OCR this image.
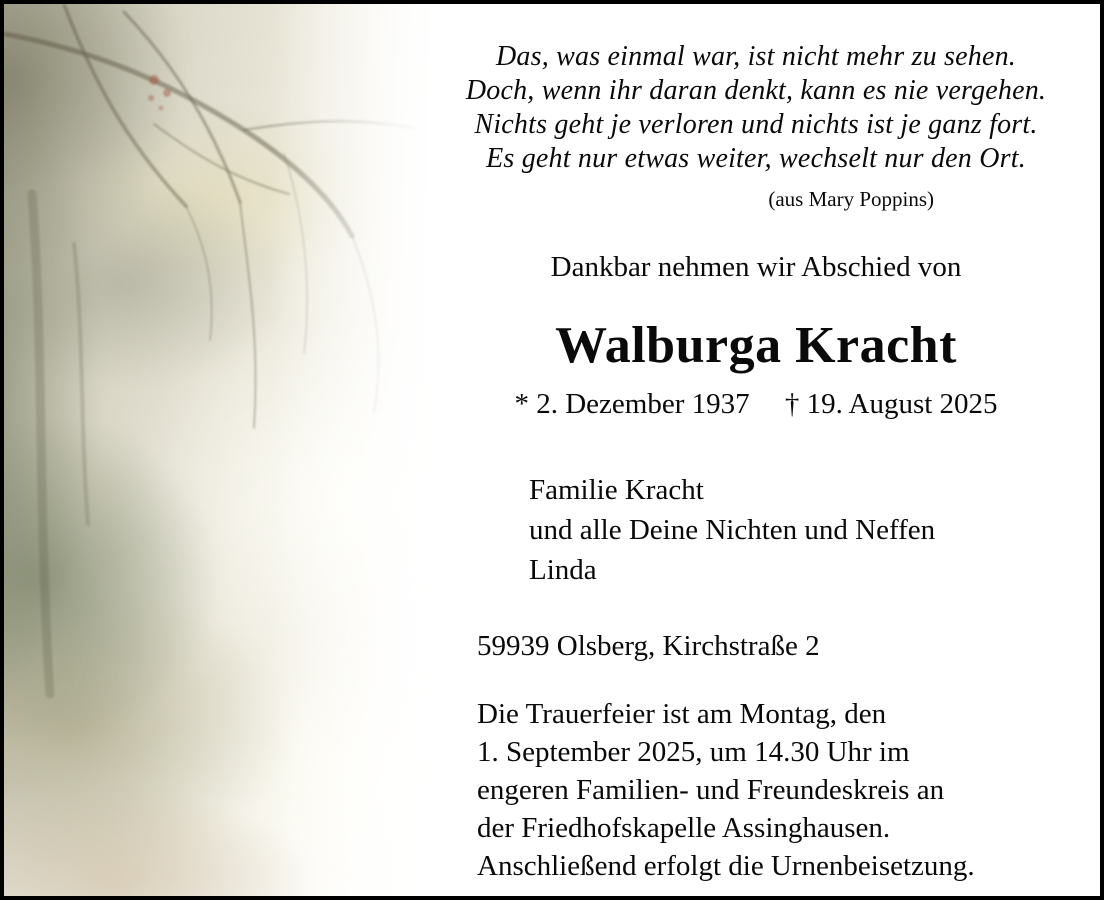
Das, was einmal war, ist nicht mehr zu sehen.
Doch, wenn ihr daran denkt, kann es nie vergehen.
Nichts geht je verloren und nichts ist je ganz fort.
Es geht nur etwas weiter, wechselt nur den Ort.
(aus Mary Poppins)
Dankbar nehmen wir Abschied von
Walburga Kracht
* 2. Dezember 1937 † 19. August 2025
Familie Kracht
und alle Deine Nichten und Neffen
Linda
59939 Olsberg, Kirchstraße 2
Die Trauerfeier ist am Montag, den
1. September 2025, um 14.30 Uhr im
engeren Familien- und Freundeskreis an
der Friedhofskapelle Assinghausen.
Anschließend erfolgt die Urnenbeisetzung.
